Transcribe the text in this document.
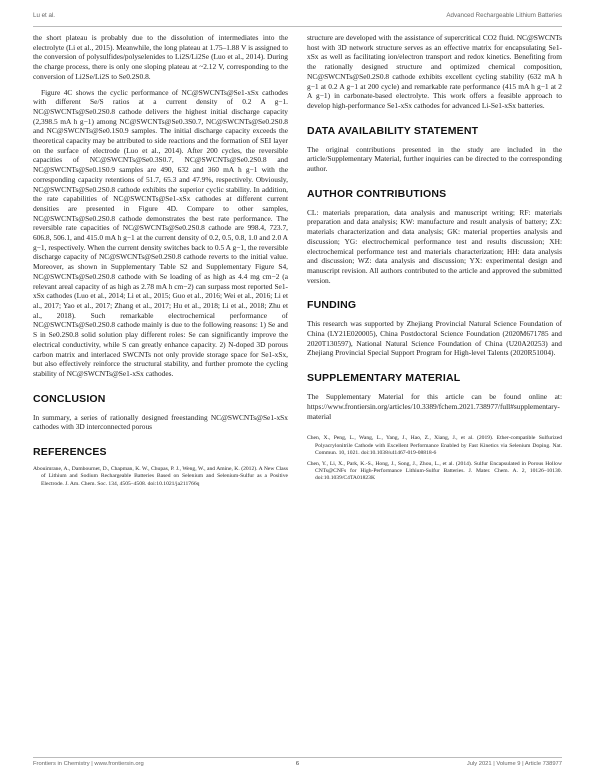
Lu et al.	Advanced Rechargeable Lithium Batteries

the short plateau is probably due to the dissolution of intermediates into the electrolyte (Li et al., 2015). Meanwhile, the long plateau at 1.75–1.88 V is assigned to the conversion of polysulfides/polyselenides to Li2S/Li2Se (Luo et al., 2014). During the charge process, there is only one sloping plateau at ~2.12 V, corresponding to the conversion of Li2Se/Li2S to Se0.2S0.8.

Figure 4C shows the cyclic performance of NC@SWCNTs@Se1-xSx cathodes with different Se/S ratios at a current density of 0.2 A g−1. NC@SWCNTs@Se0.2S0.8 cathode delivers the highest initial discharge capacity (2,398.5 mA h g−1) among NC@SWCNTs@Se0.3S0.7, NC@SWCNTs@Se0.2S0.8 and NC@SWCNTs@Se0.1S0.9 samples. The initial discharge capacity exceeds the theoretical capacity may be attributed to side reactions and the formation of SEI layer on the surface of electrode (Luo et al., 2014). After 200 cycles, the reversible capacities of NC@SWCNTs@Se0.3S0.7, NC@SWCNTs@Se0.2S0.8 and NC@SWCNTs@Se0.1S0.9 samples are 490, 632 and 360 mA h g−1 with the corresponding capacity retentions of 51.7, 65.3 and 47.9%, respectively. Obviously, NC@SWCNTs@Se0.2S0.8 cathode exhibits the superior cyclic stability. In addition, the rate capabilities of NC@SWCNTs@Se1-xSx cathodes at different current densities are presented in Figure 4D. Compare to other samples, NC@SWCNTs@Se0.2S0.8 cathode demonstrates the best rate performance. The reversible rate capacities of NC@SWCNTs@Se0.2S0.8 cathode are 998.4, 723.7, 606.8, 506.1, and 415.0 mA h g−1 at the current density of 0.2, 0.5, 0.8, 1.0 and 2.0 A g−1, respectively. When the current density switches back to 0.5 A g−1, the reversible discharge capacity of NC@SWCNTs@Se0.2S0.8 cathode reverts to the initial value. Moreover, as shown in Supplementary Table S2 and Supplementary Figure S4, NC@SWCNTs@Se0.2S0.8 cathode with Se loading of as high as 4.4 mg cm−2 (a relevant areal capacity of as high as 2.78 mA h cm−2) can surpass most reported Se1-xSx cathodes (Luo et al., 2014; Li et al., 2015; Guo et al., 2016; Wei et al., 2016; Li et al., 2017; Yao et al., 2017; Zhang et al., 2017; Hu et al., 2018; Li et al., 2018; Zhu et al., 2018). Such remarkable electrochemical performance of NC@SWCNTs@Se0.2S0.8 cathode mainly is due to the following reasons: 1) Se and S in Se0.2S0.8 solid solution play different roles: Se can significantly improve the electrical conductivity, while S can greatly enhance capacity. 2) N-doped 3D porous carbon matrix and interlaced SWCNTs not only provide storage space for Se1-xSx, but also effectively reinforce the structural stability, and further promote the cycling stability of NC@SWCNTs@Se1-xSx cathodes.

CONCLUSION

In summary, a series of rationally designed freestanding NC@SWCNTs@Se1-xSx cathodes with 3D interconnected porous

REFERENCES

Abouimrane, A., Dambournet, D., Chapman, K. W., Chupas, P. J., Weng, W., and Amine, K. (2012). A New Class of Lithium and Sodium Rechargeable Batteries Based on Selenium and Selenium-Sulfur as a Positive Electrode. J. Am. Chem. Soc. 134, 4505–4508. doi:10.1021/ja211766q

structure are developed with the assistance of supercritical CO2 fluid. NC@SWCNTs host with 3D network structure serves as an effective matrix for encapsulating Se1-xSx as well as facilitating ion/electron transport and redox kinetics. Benefiting from the rationally designed structure and optimized chemical composition, NC@SWCNTs@Se0.2S0.8 cathode exhibits excellent cycling stability (632 mA h g−1 at 0.2 A g−1 at 200 cycle) and remarkable rate performance (415 mA h g−1 at 2 A g−1) in carbonate-based electrolyte. This work offers a feasible approach to develop high-performance Se1-xSx cathodes for advanced Li-Se1-xSx batteries.

DATA AVAILABILITY STATEMENT

The original contributions presented in the study are included in the article/Supplementary Material, further inquiries can be directed to the corresponding author.

AUTHOR CONTRIBUTIONS

CL: materials preparation, data analysis and manuscript writing; RF: materials preparation and data analysis; KW: manufacture and result analysis of battery; ZX: materials characterization and data analysis; GK: material properties analysis and discussion; YG: electrochemical performance test and results discussion; XH: electrochemical performance test and materials characterization; HH: data analysis and discussion; WZ: data analysis and discussion; YX: experimental design and manuscript revision. All authors contributed to the article and approved the submitted version.

FUNDING

This research was supported by Zhejiang Provincial Natural Science Foundation of China (LY21E020005), China Postdoctoral Science Foundation (2020M671785 and 2020T130597), National Natural Science Foundation of China (U20A20253) and Zhejiang Provincial Special Support Program for High-level Talents (2020R51004).

SUPPLEMENTARY MATERIAL

The Supplementary Material for this article can be found online at: https://www.frontiersin.org/articles/10.3389/fchem.2021.738977/full#supplementary-material

Chen, X., Peng, L., Wang, L., Yang, J., Hao, Z., Xiang, J., et al. (2019). Ether-compatible Sulfurized Polyacrylonitrile Cathode with Excellent Performance Enabled by Fast Kinetics via Selenium Doping. Nat. Commun. 10, 1021. doi:10.1038/s41467-019-08818-6

Chen, Y., Li, X., Park, K.-S., Hong, J., Song, J., Zhou, L., et al. (2014). Sulfur Encapsulated in Porous Hollow CNTs@CNFs for High-Performance Lithium-Sulfur Batteries. J. Mater. Chem. A. 2, 10126–10130. doi:10.1039/C4TA01823K

Frontiers in Chemistry | www.frontiersin.org	6	July 2021 | Volume 9 | Article 738977
